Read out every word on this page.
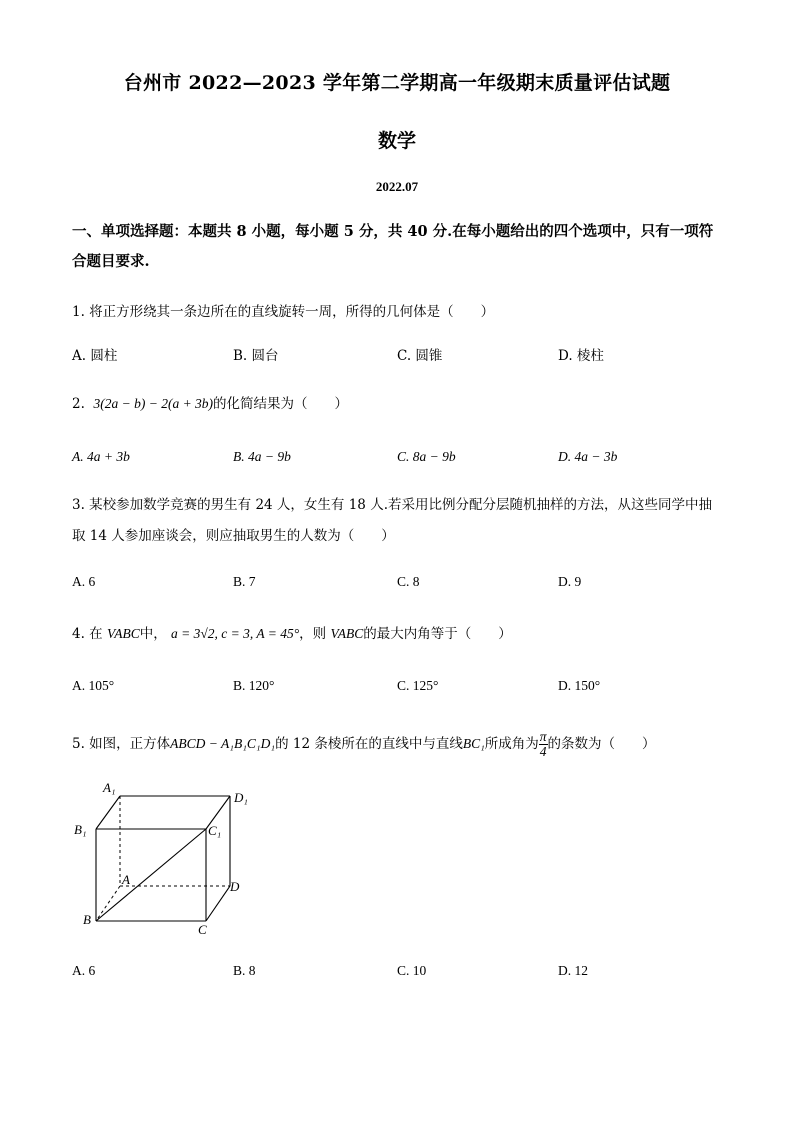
台州市 2022—2023 学年第二学期高一年级期末质量评估试题
数学
2022.07
一、单项选择题：本题共 8 小题，每小题 5 分，共 40 分.在每小题给出的四个选项中，只有一项符合题目要求.
1. 将正方形绕其一条边所在的直线旋转一周，所得的几何体是（　　）
A. 圆柱	B. 圆台	C. 圆锥	D. 棱柱
2. 3(2a − b) − 2(a + 3b)的化简结果为（　　）
A. 4a + 3b	B. 4a − 9b	C. 8a − 9b	D. 4a − 3b
3. 某校参加数学竞赛的男生有 24 人，女生有 18 人.若采用比例分配分层随机抽样的方法，从这些同学中抽取 14 人参加座谈会，则应抽取男生的人数为（　　）
A. 6	B. 7	C. 8	D. 9
4. 在 VABC中， a = 3√2, c = 3, A = 45°，则 VABC的最大内角等于（　　）
A. 105°	B. 120°	C. 125°	D. 150°
5. 如图，正方体ABCD − A₁B₁C₁D₁的 12 条棱所在的直线中与直线BC₁所成角为 $\frac{\pi}{4}$ 的条数为（　　）
A₁
D₁
B₁	C₁
A	D
B
C
A. 6	B. 8	C. 10	D. 12
